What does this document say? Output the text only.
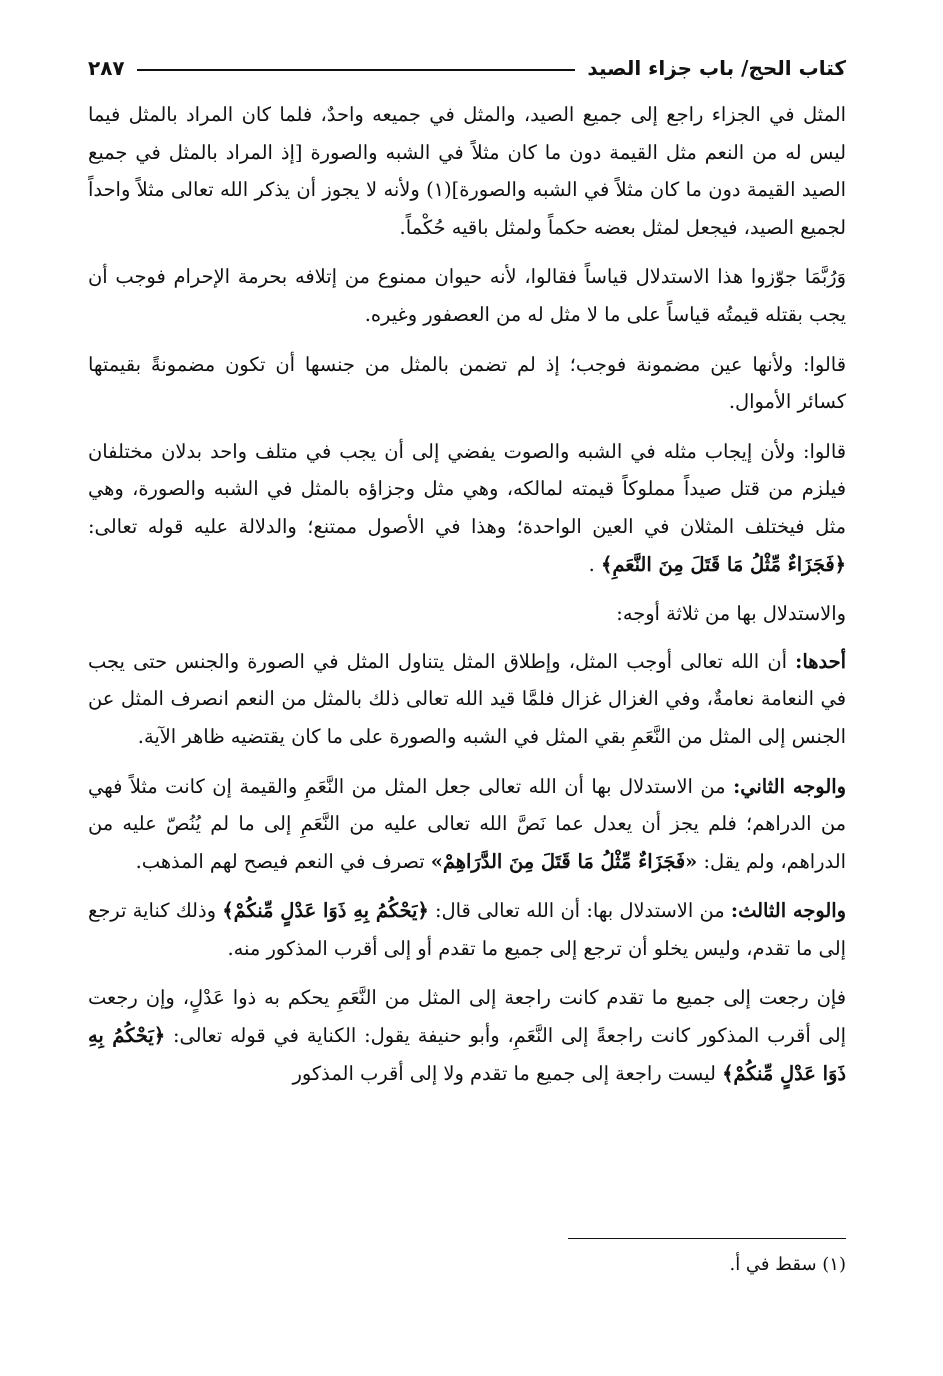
كتاب الحج/ باب جزاء الصيد
٢٨٧

المثل في الجزاء راجع إلى جميع الصيد، والمثل في جميعه واحدٌ، فلما كان المراد بالمثل فيما ليس له من النعم مثل القيمة دون ما كان مثلاً في الشبه والصورة [إذ المراد بالمثل في جميع الصيد القيمة دون ما كان مثلاً في الشبه والصورة](١) ولأنه لا يجوز أن يذكر الله تعالى مثلاً واحداً لجميع الصيد، فيجعل لمثل بعضه حكماً ولمثل باقيه حُكْماً.

وَرُبَّمَا جوّزوا هذا الاستدلال قياساً فقالوا، لأنه حيوان ممنوع من إتلافه بحرمة الإحرام فوجب أن يجب بقتله قيمتُه قياساً على ما لا مثل له من العصفور وغيره.

قالوا: ولأنها عين مضمونة فوجب؛ إذ لم تضمن بالمثل من جنسها أن تكون مضمونةً بقيمتها كسائر الأموال.

قالوا: ولأن إيجاب مثله في الشبه والصوت يفضي إلى أن يجب في متلف واحد بدلان مختلفان فيلزم من قتل صيداً مملوكاً قيمته لمالكه، وهي مثل وجزاؤه بالمثل في الشبه والصورة، وهي مثل فيختلف المثلان في العين الواحدة؛ وهذا في الأصول ممتنع؛ والدلالة عليه قوله تعالى: ﴿فَجَزَاءٌ مِّثْلُ مَا قَتَلَ مِنَ النَّعَمِ﴾ .

والاستدلال بها من ثلاثة أوجه:

أحدها: أن الله تعالى أوجب المثل، وإطلاق المثل يتناول المثل في الصورة والجنس حتى يجب في النعامة نعامةٌ، وفي الغزال غزال فلمَّا قيد الله تعالى ذلك بالمثل من النعم انصرف المثل عن الجنس إلى المثل من النَّعَمِ بقي المثل في الشبه والصورة على ما كان يقتضيه ظاهر الآية.

والوجه الثاني: من الاستدلال بها أن الله تعالى جعل المثل من النَّعَمِ والقيمة إن كانت مثلاً فهي من الدراهم؛ فلم يجز أن يعدل عما نَصَّ الله تعالى عليه من النَّعَمِ إلى ما لم يُنُصّ عليه من الدراهم، ولم يقل: «فَجَزَاءٌ مِّثْلُ مَا قَتَلَ مِنَ الدَّرَاهِمْ» تصرف في النعم فيصح لهم المذهب.

والوجه الثالث: من الاستدلال بها: أن الله تعالى قال: ﴿يَحْكُمُ بِهِ ذَوَا عَدْلٍ مِّنكُمْ﴾ وذلك كناية ترجع إلى ما تقدم، وليس يخلو أن ترجع إلى جميع ما تقدم أو إلى أقرب المذكور منه.

فإن رجعت إلى جميع ما تقدم كانت راجعة إلى المثل من النَّعَمِ يحكم به ذوا عَدْلٍ، وإن رجعت إلى أقرب المذكور كانت راجعةً إلى النَّعَمِ، وأبو حنيفة يقول: الكناية في قوله تعالى: ﴿يَحْكُمُ بِهِ ذَوَا عَدْلٍ مِّنكُمْ﴾ ليست راجعة إلى جميع ما تقدم ولا إلى أقرب المذكور

(١) سقط في أ.
